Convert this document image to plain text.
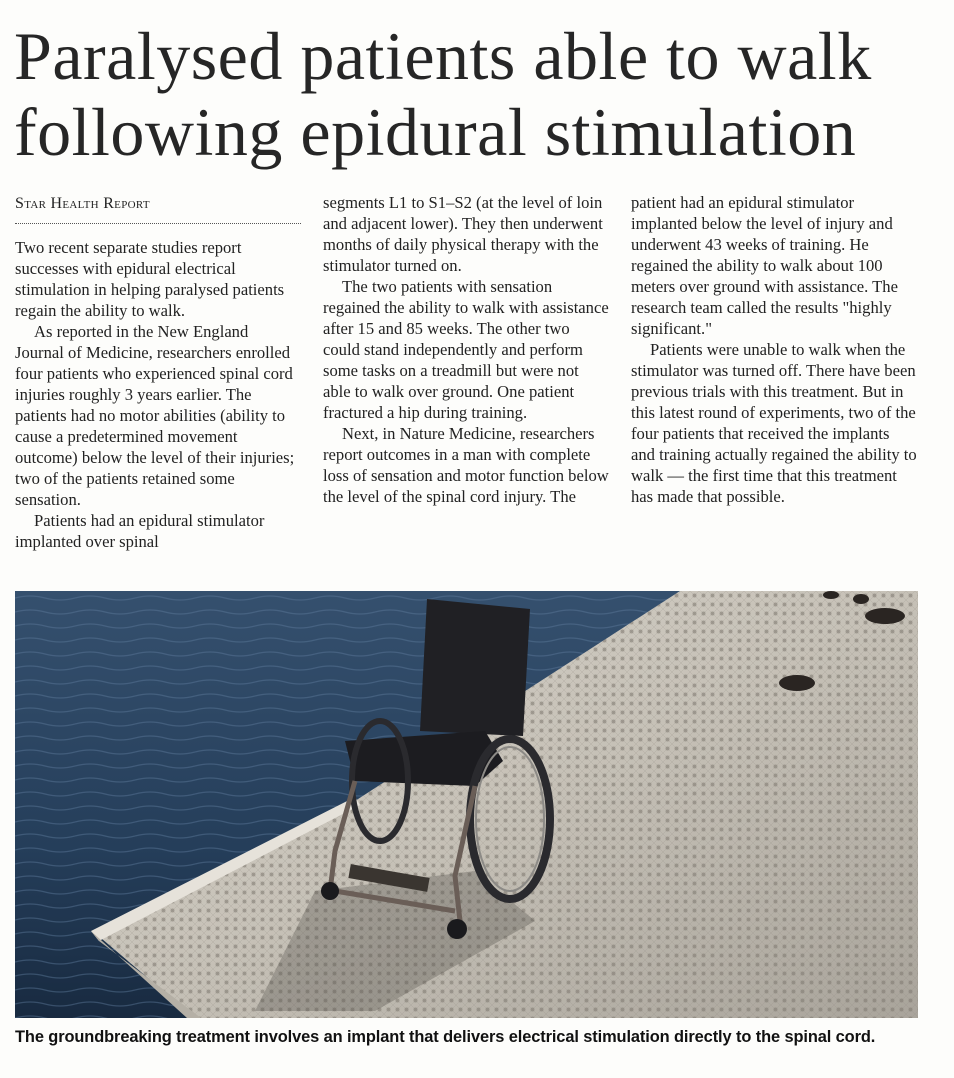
Paralysed patients able to walk
following epidural stimulation
Star Health Report

Two recent separate studies report successes with epidural electrical stimulation in helping paralysed patients regain the ability to walk.

As reported in the New England Journal of Medicine, researchers enrolled four patients who experienced spinal cord injuries roughly 3 years earlier. The patients had no motor abilities (ability to cause a predetermined movement outcome) below the level of their injuries; two of the patients retained some sensation.

Patients had an epidural stimulator implanted over spinal

segments L1 to S1–S2 (at the level of loin and adjacent lower). They then underwent months of daily physical therapy with the stimulator turned on.

The two patients with sensation regained the ability to walk with assistance after 15 and 85 weeks. The other two could stand independently and perform some tasks on a treadmill but were not able to walk over ground. One patient fractured a hip during training.

Next, in Nature Medicine, researchers report outcomes in a man with complete loss of sensation and motor function below the level of the spinal cord injury. The

patient had an epidural stimulator implanted below the level of injury and underwent 43 weeks of training. He regained the ability to walk about 100 meters over ground with assistance. The research team called the results "highly significant."

Patients were unable to walk when the stimulator was turned off. There have been previous trials with this treatment. But in this latest round of experiments, two of the four patients that received the implants and training actually regained the ability to walk — the first time that this treatment has made that possible.

The groundbreaking treatment involves an implant that delivers electrical stimulation directly to the spinal cord.
